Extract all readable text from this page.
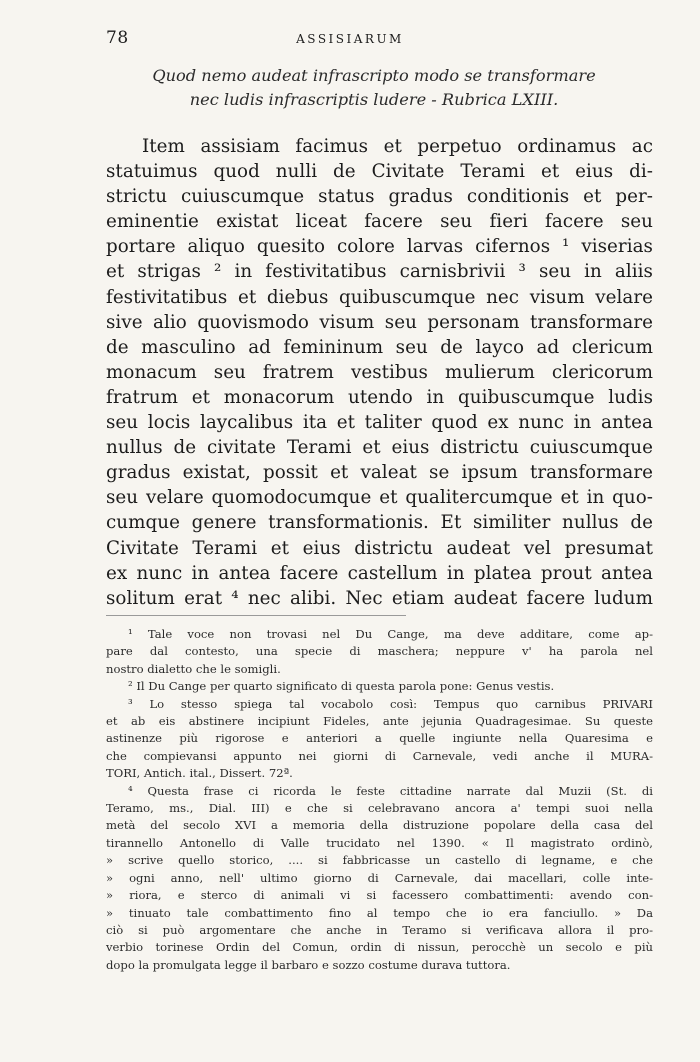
78	ASSISIARUM
Quod nemo audeat infrascripto modo se transformare
nec ludis infrascriptis ludere - Rubrica LXIII.
Item assisiam facimus et perpetuo ordinamus ac
statuimus quod nulli de Civitate Terami et eius di-
strictu cuiuscumque status gradus conditionis et per-
eminentie existat liceat facere seu fieri facere seu
portare aliquo quesito colore larvas cifernos ¹ viserias
et strigas ² in festivitatibus carnisbrivii ³ seu in aliis
festivitatibus et diebus quibuscumque nec visum velare
sive alio quovismodo visum seu personam transformare
de masculino ad femininum seu de layco ad clericum
monacum seu fratrem vestibus mulierum clericorum
fratrum et monacorum utendo in quibuscumque ludis
seu locis laycalibus ita et taliter quod ex nunc in antea
nullus de civitate Terami et eius districtu cuiuscumque
gradus existat, possit et valeat se ipsum transformare
seu velare quomodocumque et qualitercumque et in quo-
cumque genere transformationis. Et similiter nullus de
Civitate Terami et eius districtu audeat vel presumat
ex nunc in antea facere castellum in platea prout antea
solitum erat ⁴ nec alibi. Nec etiam audeat facere ludum
¹ Tale voce non trovasi nel Du Cange, ma deve additare, come ap-
pare dal contesto, una specie di maschera; neppure v' ha parola nel
nostro dialetto che le somigli.
² Il Du Cange per quarto significato di questa parola pone: Genus vestis.
³ Lo stesso spiega tal vocabolo così: Tempus quo carnibus PRIVARI
et ab eis abstinere incipiunt Fideles, ante jejunia Quadragesimae. Su queste
astinenze più rigorose e anteriori a quelle ingiunte nella Quaresima e
che compievansi appunto nei giorni di Carnevale, vedi anche il MURA-
TORI, Antich. ital., Dissert. 72ª.
⁴ Questa frase ci ricorda le feste cittadine narrate dal Muzii (St. di
Teramo, ms., Dial. III) e che si celebravano ancora a' tempi suoi nella
metà del secolo XVI a memoria della distruzione popolare della casa del
tirannello Antonello di Valle trucidato nel 1390. « Il magistrato ordinò,
» scrive quello storico, .... si fabbricasse un castello di legname, e che
» ogni anno, nell' ultimo giorno di Carnevale, dai macellari, colle inte-
» riora, e sterco di animali vi si facessero combattimenti: avendo con-
» tinuato tale combattimento fino al tempo che io era fanciullo. » Da
ciò si può argomentare che anche in Teramo si verificava allora il pro-
verbio torinese Ordin del Comun, ordin di nissun, perocchè un secolo e più
dopo la promulgata legge il barbaro e sozzo costume durava tuttora.
